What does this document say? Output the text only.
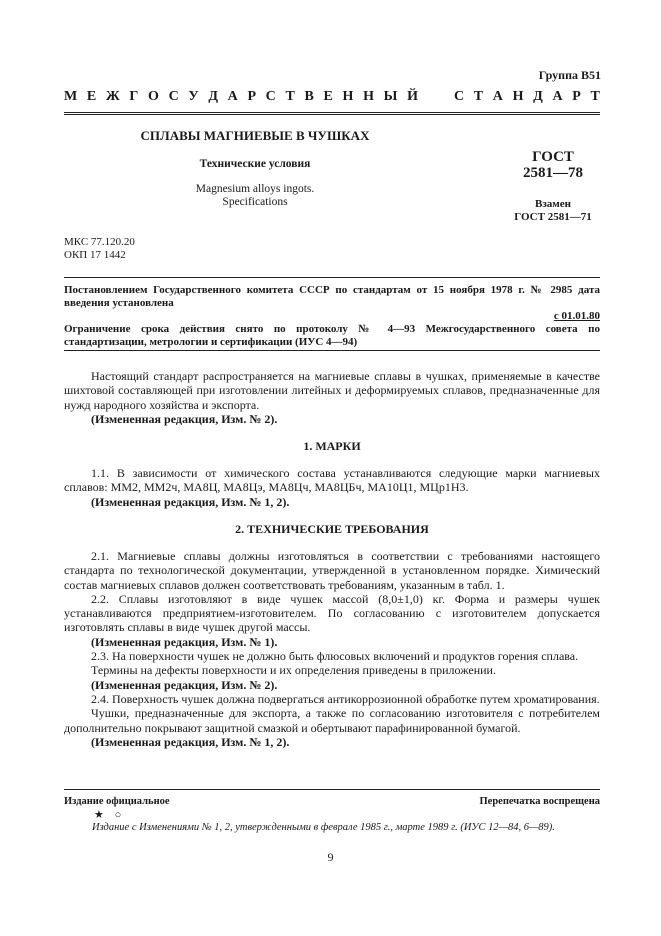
Группа В51
М Е Ж Г О С У Д А Р С Т В Е Н Н Ы Й

	С Т А Н Д А Р Т
СПЛАВЫ МАГНИЕВЫЕ В ЧУШКАХ
Технические условия
Magnesium alloys ingots.
Specifications
ГОСТ
2581—78
Взамен
ГОСТ 2581—71
МКС 77.120.20
ОКП 17 1442
Постановлением Государственного комитета СССР по стандартам от 15 ноября 1978 г. № 2985 дата введения установлена
с 01.01.80
Ограничение срока действия снято по протоколу № 4—93 Межгосударственного совета по стандартизации, метрологии и сертификации (ИУС 4—94)

Настоящий стандарт распространяется на магниевые сплавы в чушках, применяемые в качестве шихтовой составляющей при изготовлении литейных и деформируемых сплавов, предназначенные для нужд народного хозяйства и экспорта.

(Измененная редакция, Изм. № 2).
1. МАРКИ

1.1. В зависимости от химического состава устанавливаются следующие марки магниевых сплавов: ММ2, ММ2ч, МА8Ц, МА8Цэ, МА8Цч, МА8ЦБч, МА10Ц1, МЦр1Н3.

(Измененная редакция, Изм. № 1, 2).
2. ТЕХНИЧЕСКИЕ ТРЕБОВАНИЯ

2.1. Магниевые сплавы должны изготовляться в соответствии с требованиями настоящего стандарта по технологической документации, утвержденной в установленном порядке. Химический состав магниевых сплавов должен соответствовать требованиям, указанным в табл. 1.

2.2. Сплавы изготовляют в виде чушек массой (8,0±1,0) кг. Форма и размеры чушек устанавливаются предприятием-изготовителем. По согласованию с изготовителем допускается изготовлять сплавы в виде чушек другой массы.

(Измененная редакция, Изм. № 1).

2.3. На поверхности чушек не должно быть флюсовых включений и продуктов горения сплава.

Термины на дефекты поверхности и их определения приведены в приложении.

(Измененная редакция, Изм. № 2).

2.4. Поверхность чушек должна подвергаться антикоррозионной обработке путем хроматирования.

Чушки, предназначенные для экспорта, а также по согласованию изготовителя с потребителем дополнительно покрывают защитной смазкой и обертывают парафинированной бумагой.

(Измененная редакция, Изм. № 1, 2).
Издание официальное	Перепечатка воспрещена
★ ○
Издание с Изменениями № 1, 2, утвержденными в феврале 1985 г., марте 1989 г. (ИУС 12—84, 6—89).
9
